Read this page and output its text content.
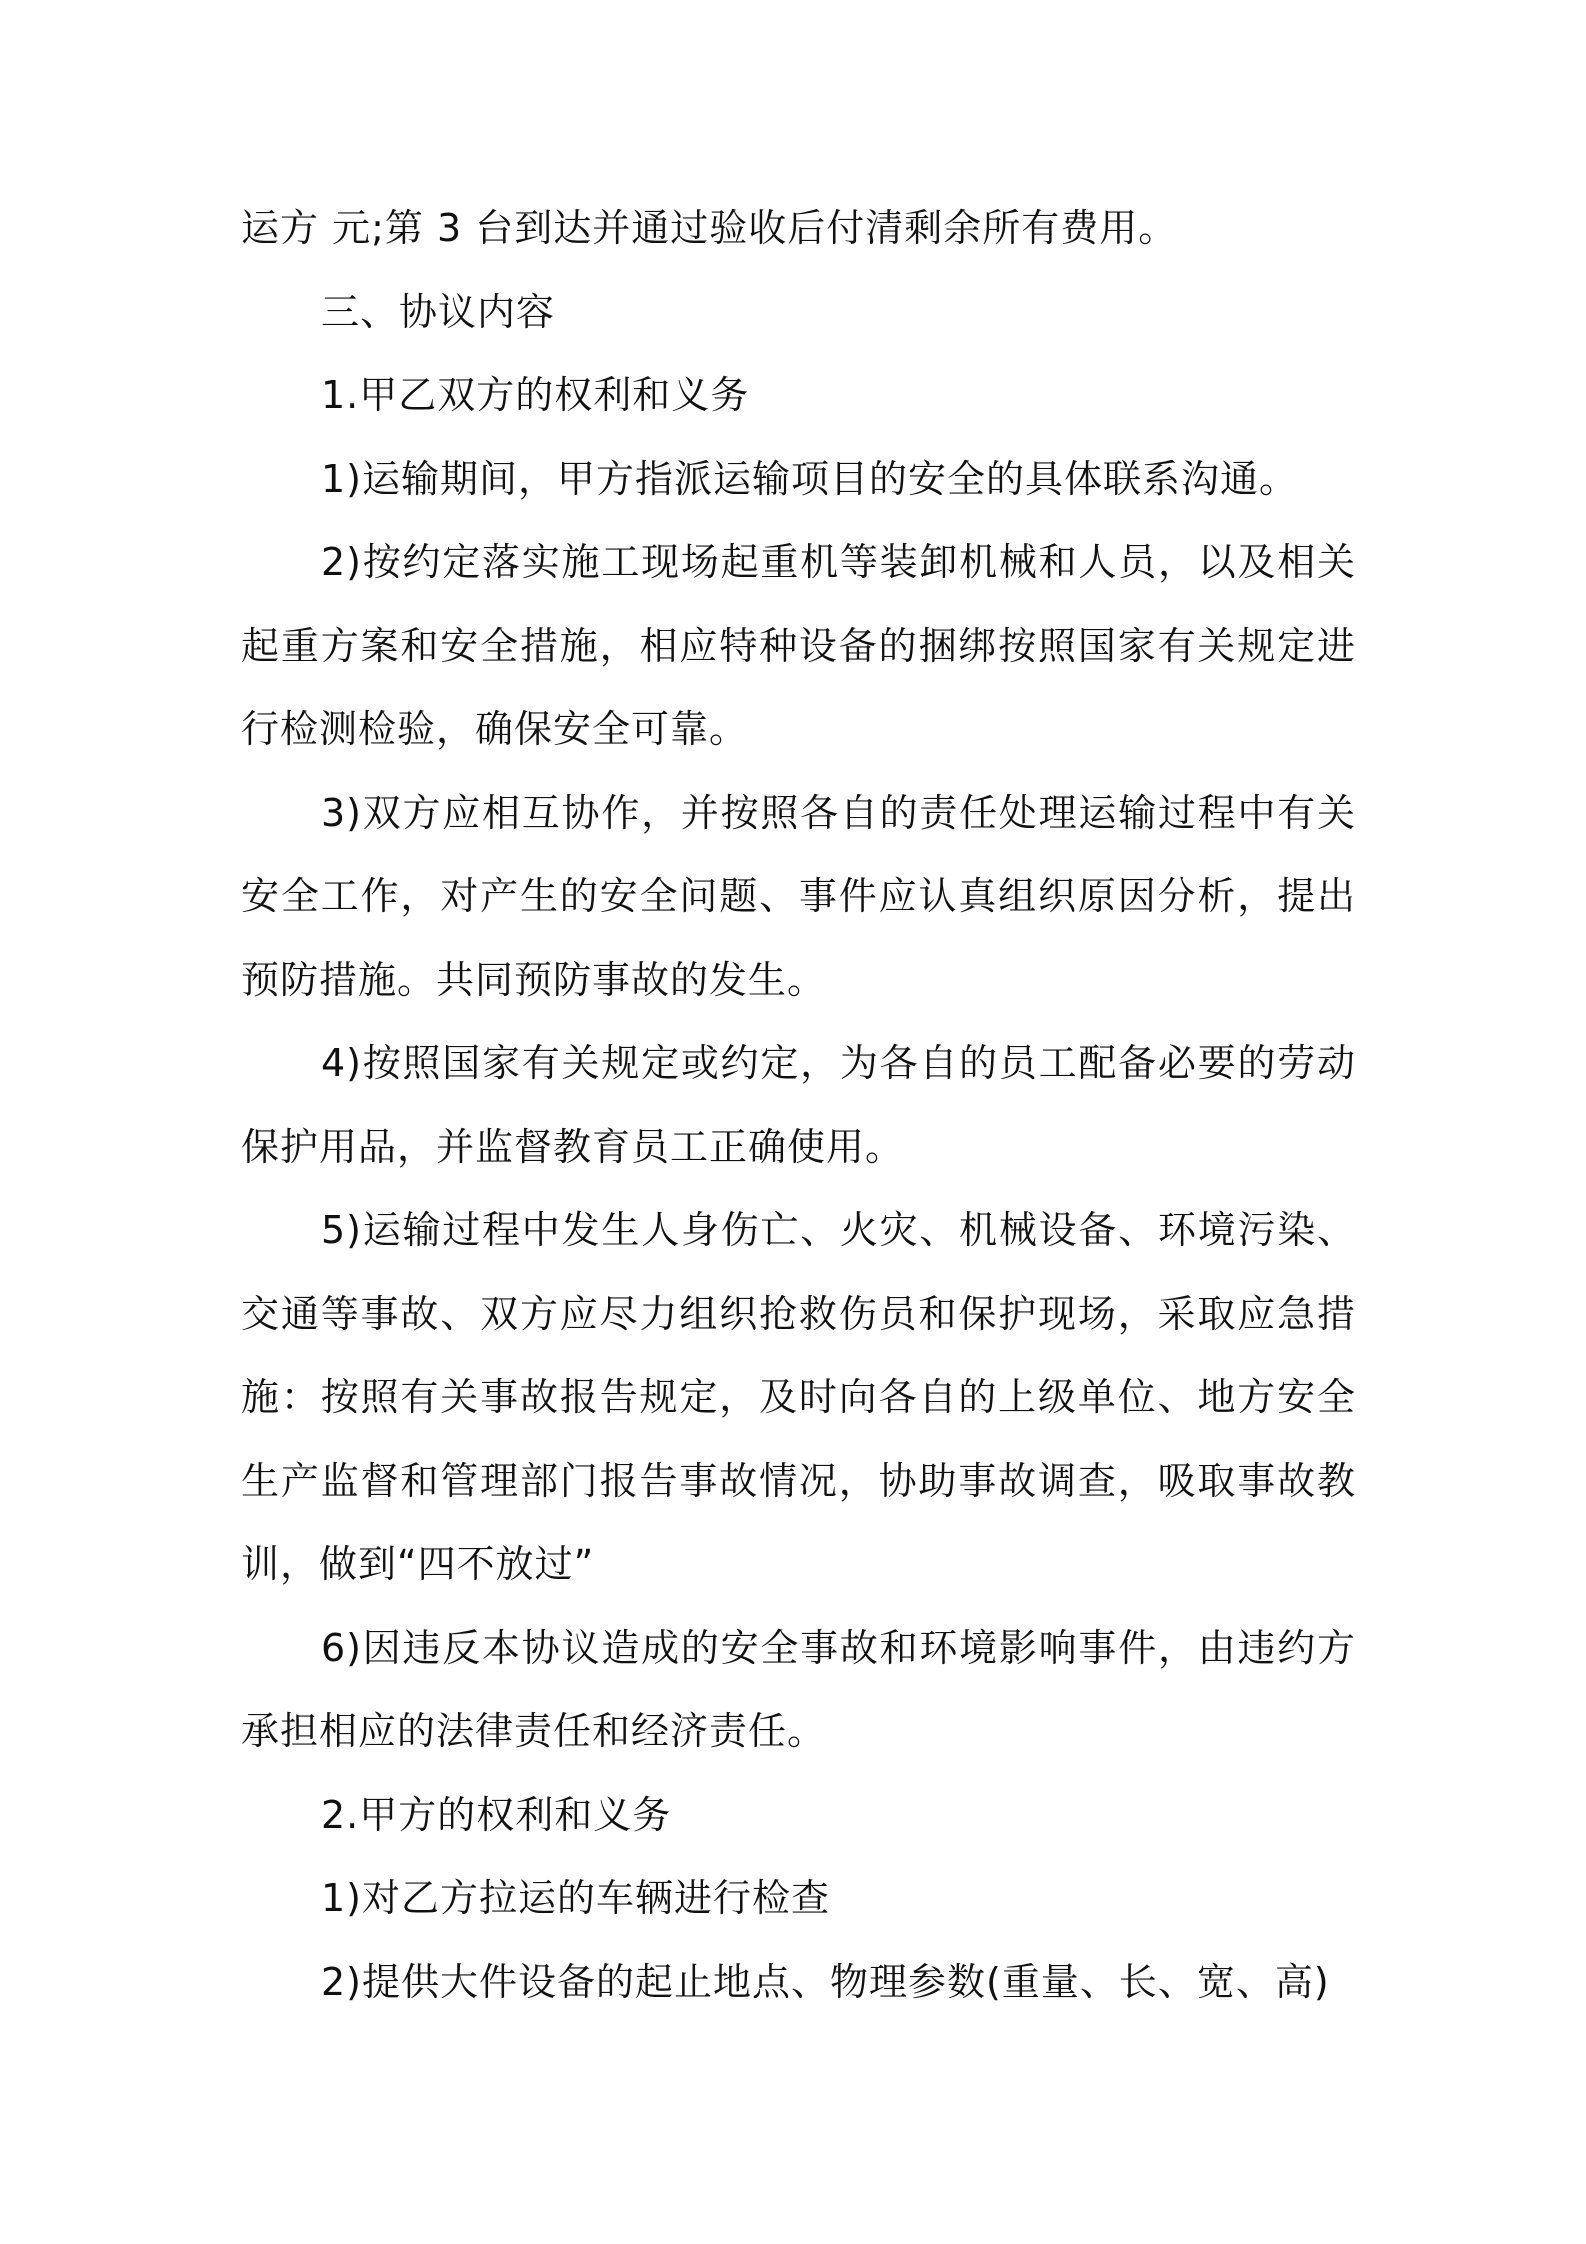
运方 元;第 3 台到达并通过验收后付清剩余所有费用。

三、协议内容

1.甲乙双方的权利和义务

1)运输期间，甲方指派运输项目的安全的具体联系沟通。

2)按约定落实施工现场起重机等装卸机械和人员，以及相关起重方案和安全措施，相应特种设备的捆绑按照国家有关规定进行检测检验，确保安全可靠。

3)双方应相互协作，并按照各自的责任处理运输过程中有关安全工作，对产生的安全问题、事件应认真组织原因分析，提出预防措施。共同预防事故的发生。

4)按照国家有关规定或约定，为各自的员工配备必要的劳动保护用品，并监督教育员工正确使用。

5)运输过程中发生人身伤亡、火灾、机械设备、环境污染、交通等事故、双方应尽力组织抢救伤员和保护现场，采取应急措施：按照有关事故报告规定，及时向各自的上级单位、地方安全生产监督和管理部门报告事故情况，协助事故调查，吸取事故教训，做到“四不放过”

6)因违反本协议造成的安全事故和环境影响事件，由违约方承担相应的法律责任和经济责任。

2.甲方的权利和义务

1)对乙方拉运的车辆进行检查

2)提供大件设备的起止地点、物理参数(重量、长、宽、高)
